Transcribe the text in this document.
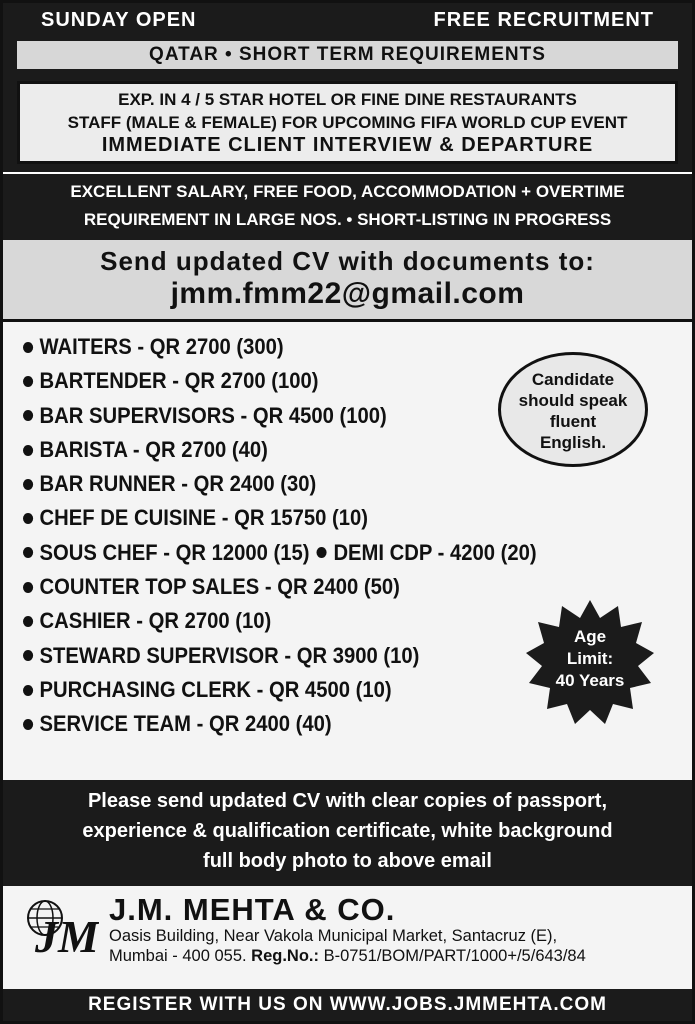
SUNDAY OPEN	FREE RECRUITMENT
QATAR • SHORT TERM REQUIREMENTS
EXP. IN 4 / 5 STAR HOTEL OR FINE DINE RESTAURANTS
STAFF (MALE & FEMALE) FOR UPCOMING FIFA WORLD CUP EVENT
IMMEDIATE CLIENT INTERVIEW & DEPARTURE
EXCELLENT SALARY, FREE FOOD, ACCOMMODATION + OVERTIME
REQUIREMENT IN LARGE NOS. • SHORT-LISTING IN PROGRESS
Send updated CV with documents to:
jmm.fmm22@gmail.com
WAITERS - QR 2700 (300)
BARTENDER - QR 2700 (100)
BAR SUPERVISORS - QR 4500 (100)
BARISTA - QR 2700 (40)
BAR RUNNER - QR 2400 (30)
CHEF DE CUISINE - QR 15750 (10)
SOUS CHEF - QR 12000 (15) DEMI CDP - 4200 (20)
COUNTER TOP SALES - QR 2400 (50)
CASHIER - QR 2700 (10)
STEWARD SUPERVISOR - QR 3900 (10)
PURCHASING CLERK - QR 4500 (10)
SERVICE TEAM - QR 2400 (40)
Candidate
should speak
fluent
English.
Age
Limit:
40 Years
Please send updated CV with clear copies of passport,
experience & qualification certificate, white background
full body photo to above email
JM
J.M. MEHTA & CO.
Oasis Building, Near Vakola Municipal Market, Santacruz (E),
Mumbai - 400 055. Reg.No.: B-0751/BOM/PART/1000+/5/643/84
REGISTER WITH US ON WWW.JOBS.JMMEHTA.COM
